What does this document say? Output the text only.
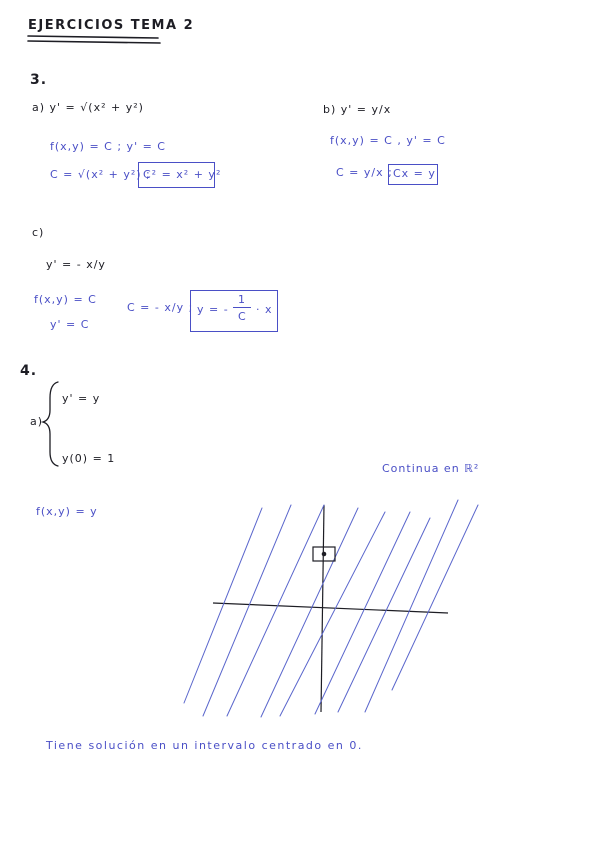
EJERCICIOS TEMA 2
3.
a) y' = √(x² + y²)
f(x,y) = C ; y' = C
C = √(x² + y²) ;
C² = x² + y²
b) y' = y/x
f(x,y) = C , y' = C
C = y/x ; Cx = y
c)
y' = - x/y
f(x,y) = C
y' = C
C = - x/y ; y = -
1
C
· x
4.
a)
y' = y
y(0) = 1
Continua en ℝ²
f(x,y) = y
Tiene solución en un intervalo centrado en 0.
